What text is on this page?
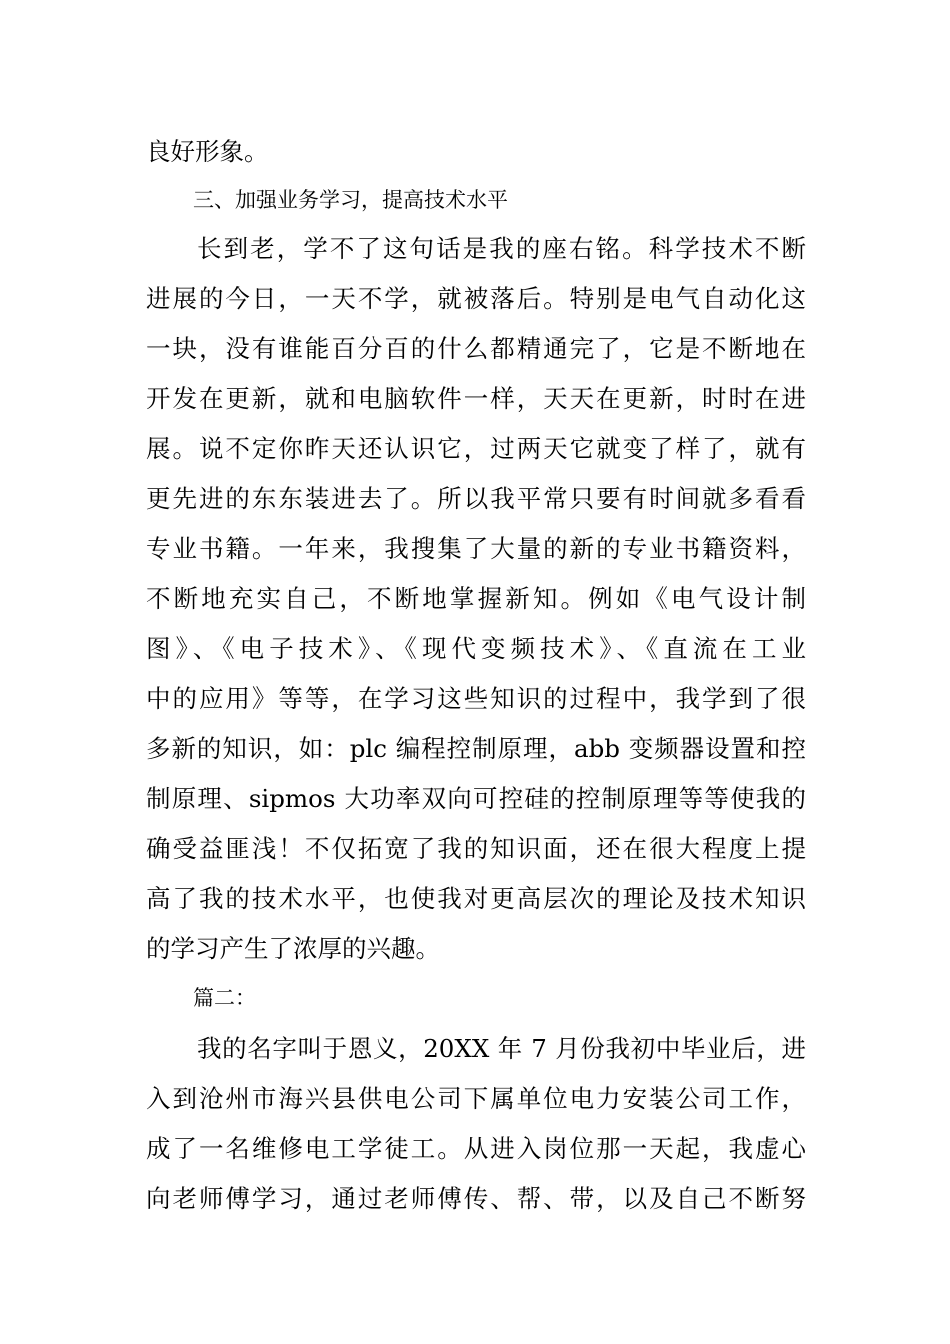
良好形象。
三、加强业务学习，提高技术水平
长到老，学不了这句话是我的座右铭。科学技术不断
进展的今日，一天不学，就被落后。特别是电气自动化这
一块，没有谁能百分百的什么都精通完了，它是不断地在
开发在更新，就和电脑软件一样，天天在更新，时时在进
展。说不定你昨天还认识它，过两天它就变了样了，就有
更先进的东东装进去了。所以我平常只要有时间就多看看
专业书籍。一年来，我搜集了大量的新的专业书籍资料，
不断地充实自己，不断地掌握新知。例如《电气设计制
图》、《电子技术》、《现代变频技术》、《直流在工业
中的应用》等等，在学习这些知识的过程中，我学到了很
多新的知识，如：plc 编程控制原理，abb 变频器设置和控
制原理、sipmos 大功率双向可控硅的控制原理等等使我的
确受益匪浅！不仅拓宽了我的知识面，还在很大程度上提
高了我的技术水平，也使我对更高层次的理论及技术知识
的学习产生了浓厚的兴趣。
篇二：
我的名字叫于恩义，20XX 年 7 月份我初中毕业后，进
入到沧州市海兴县供电公司下属单位电力安装公司工作，
成了一名维修电工学徒工。从进入岗位那一天起，我虚心
向老师傅学习，通过老师傅传、帮、带，以及自己不断努
